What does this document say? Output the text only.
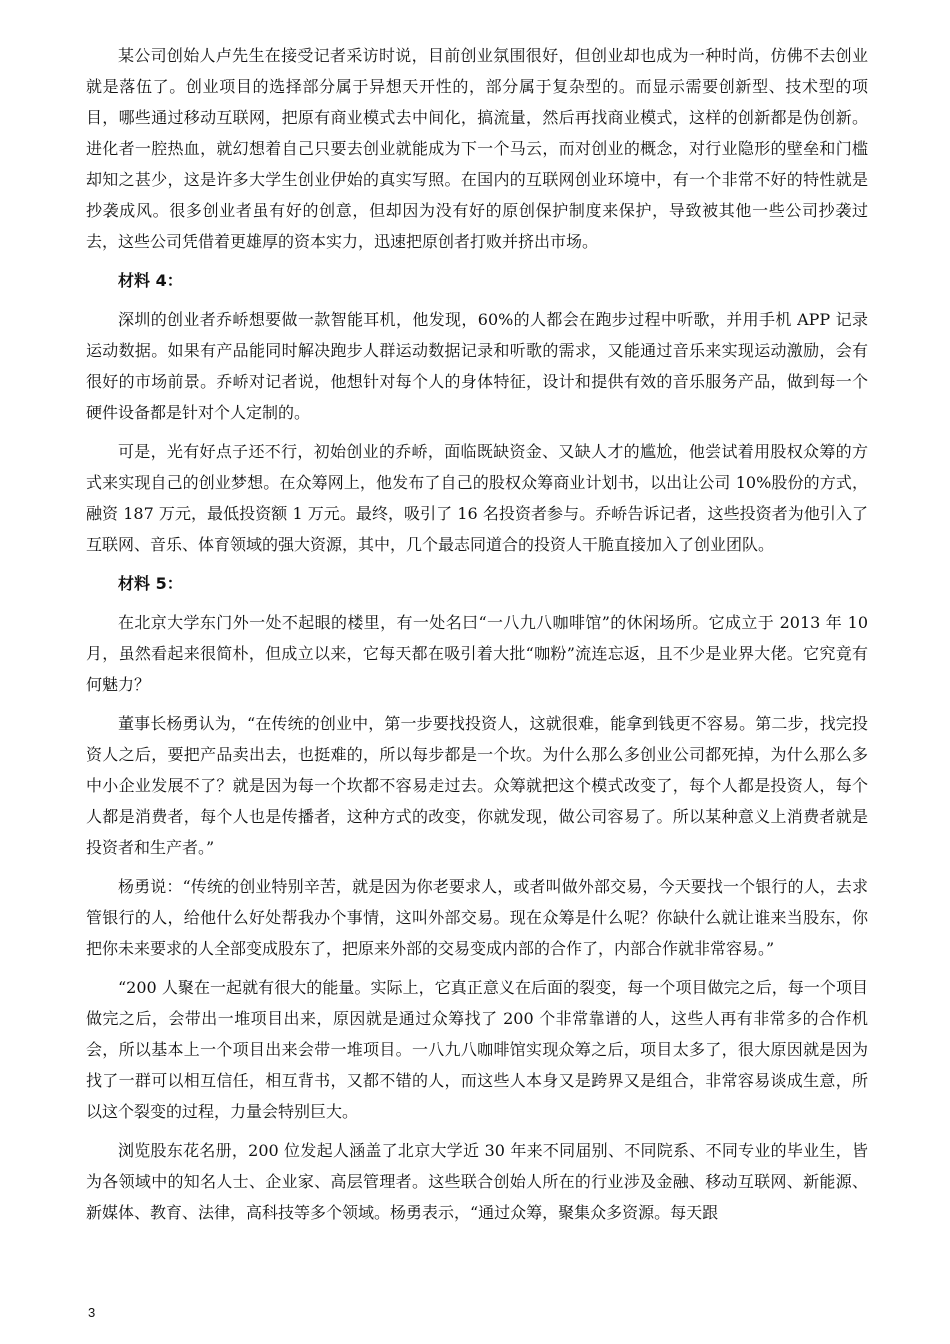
某公司创始人卢先生在接受记者采访时说，目前创业氛围很好，但创业却也成为一种时尚，仿佛不去创业就是落伍了。创业项目的选择部分属于异想天开性的，部分属于复杂型的。而显示需要创新型、技术型的项目，哪些通过移动互联网，把原有商业模式去中间化，搞流量，然后再找商业模式，这样的创新都是伪创新。进化者一腔热血，就幻想着自己只要去创业就能成为下一个马云，而对创业的概念，对行业隐形的壁垒和门槛却知之甚少，这是许多大学生创业伊始的真实写照。在国内的互联网创业环境中，有一个非常不好的特性就是抄袭成风。很多创业者虽有好的创意，但却因为没有好的原创保护制度来保护，导致被其他一些公司抄袭过去，这些公司凭借着更雄厚的资本实力，迅速把原创者打败并挤出市场。

材料 4：

深圳的创业者乔峤想要做一款智能耳机，他发现，60%的人都会在跑步过程中听歌，并用手机 APP 记录运动数据。如果有产品能同时解决跑步人群运动数据记录和听歌的需求，又能通过音乐来实现运动激励，会有很好的市场前景。乔峤对记者说，他想针对每个人的身体特征，设计和提供有效的音乐服务产品，做到每一个硬件设备都是针对个人定制的。

可是，光有好点子还不行，初始创业的乔峤，面临既缺资金、又缺人才的尴尬，他尝试着用股权众筹的方式来实现自己的创业梦想。在众筹网上，他发布了自己的股权众筹商业计划书，以出让公司 10%股份的方式，融资 187 万元，最低投资额 1 万元。最终，吸引了 16 名投资者参与。乔峤告诉记者，这些投资者为他引入了互联网、音乐、体育领域的强大资源，其中，几个最志同道合的投资人干脆直接加入了创业团队。

材料 5：

在北京大学东门外一处不起眼的楼里，有一处名曰“一八九八咖啡馆”的休闲场所。它成立于 2013 年 10 月，虽然看起来很简朴，但成立以来，它每天都在吸引着大批“咖粉”流连忘返，且不少是业界大佬。它究竟有何魅力？

董事长杨勇认为，“在传统的创业中，第一步要找投资人，这就很难，能拿到钱更不容易。第二步，找完投资人之后，要把产品卖出去，也挺难的，所以每步都是一个坎。为什么那么多创业公司都死掉，为什么那么多中小企业发展不了？就是因为每一个坎都不容易走过去。众筹就把这个模式改变了，每个人都是投资人，每个人都是消费者，每个人也是传播者，这种方式的改变，你就发现，做公司容易了。所以某种意义上消费者就是投资者和生产者。”

杨勇说：“传统的创业特别辛苦，就是因为你老要求人，或者叫做外部交易，今天要找一个银行的人，去求管银行的人，给他什么好处帮我办个事情，这叫外部交易。现在众筹是什么呢？你缺什么就让谁来当股东，你把你未来要求的人全部变成股东了，把原来外部的交易变成内部的合作了，内部合作就非常容易。”

“200 人聚在一起就有很大的能量。实际上，它真正意义在后面的裂变，每一个项目做完之后，每一个项目做完之后，会带出一堆项目出来，原因就是通过众筹找了 200 个非常靠谱的人，这些人再有非常多的合作机会，所以基本上一个项目出来会带一堆项目。一八九八咖啡馆实现众筹之后，项目太多了，很大原因就是因为找了一群可以相互信任，相互背书，又都不错的人，而这些人本身又是跨界又是组合，非常容易谈成生意，所以这个裂变的过程，力量会特别巨大。

浏览股东花名册，200 位发起人涵盖了北京大学近 30 年来不同届别、不同院系、不同专业的毕业生，皆为各领域中的知名人士、企业家、高层管理者。这些联合创始人所在的行业涉及金融、移动互联网、新能源、新媒体、教育、法律，高科技等多个领域。杨勇表示，“通过众筹，聚集众多资源。每天跟

3
